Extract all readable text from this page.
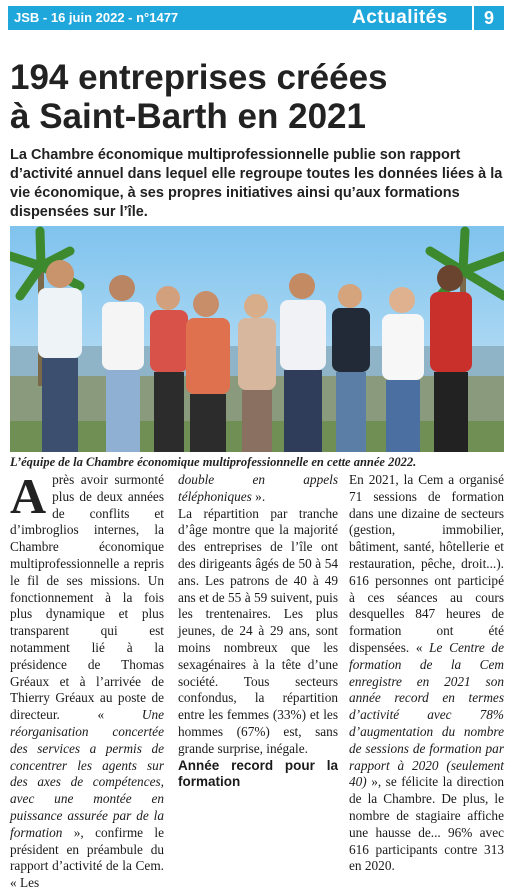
JSB - 16 juin 2022 - n°1477	Actualités	9
194 entreprises créées
à Saint-Barth en 2021

La Chambre économique multiprofessionnelle publie son rapport d’activité annuel dans lequel elle regroupe toutes les données liées à la vie économique, à ses propres initiatives ainsi qu’aux formations dispensées sur l’île.

L’équipe de la Chambre économique multiprofessionnelle en cette année 2022.

Après avoir surmonté plus de deux années de conflits et d’imbroglios internes, la Chambre économique multiprofessionnelle a repris le fil de ses missions. Un fonctionnement à la fois plus dynamique et plus transparent qui est notamment lié à la présidence de Thomas Gréaux et à l’arrivée de Thierry Gréaux au poste de directeur. « Une réorganisation concertée des services a permis de concentrer les agents sur des axes de compétences, avec une montée en puissance assurée par de la formation », confirme le président en préambule du rapport d’activité de la Cem. « Les

double en appels téléphoniques ».

La répartition par tranche d’âge montre que la majorité des entreprises de l’île ont des dirigeants âgés de 50 à 54 ans. Les patrons de 40 à 49 ans et de 55 à 59 suivent, puis les trentenaires. Les plus jeunes, de 24 à 29 ans, sont moins nombreux que les sexagénaires à la tête d’une société. Tous secteurs confondus, la répartition entre les femmes (33%) et les hommes (67%) est, sans grande surprise, inégale.

Année record pour la formation

En 2021, la Cem a organisé 71 sessions de formation dans une dizaine de secteurs (gestion, immobilier, bâtiment, santé, hôtellerie et restauration, pêche, droit...). 616 personnes ont participé à ces séances au cours desquelles 847 heures de formation ont été dispensées. « Le Centre de formation de la Cem enregistre en 2021 son année record en termes d’activité avec 78% d’augmentation du nombre de sessions de formation par rapport à 2020 (seulement 40) », se félicite la direction de la Chambre. De plus, le nombre de stagiaire affiche une hausse de... 96% avec 616 participants contre 313 en 2020.
